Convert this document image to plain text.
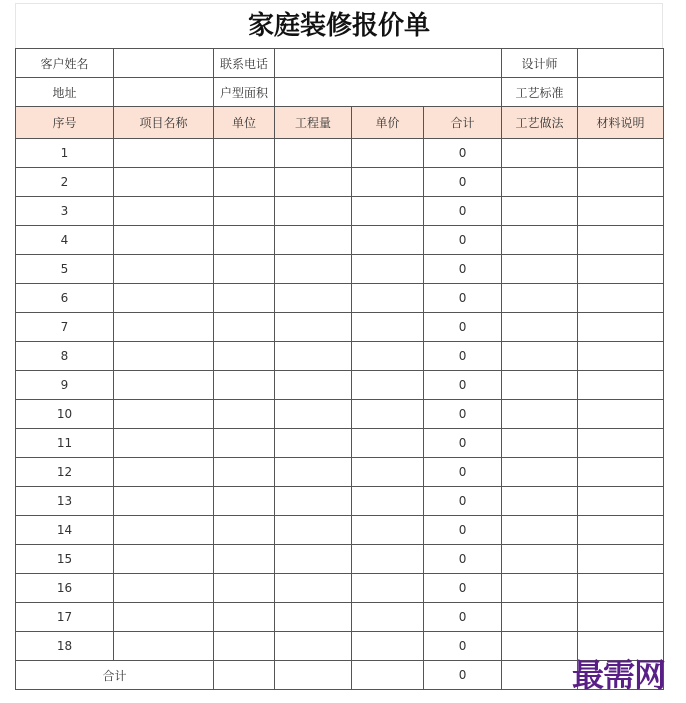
家庭装修报价单
客户姓名		联系电话				设计师	
地址		户型面积				工艺标准	
序号	项目名称	单位	工程量	单价	合计	工艺做法	材料说明
1					0		
2					0		
3					0		
4					0		
5					0		
6					0		
7					0		
8					0		
9					0		
10					0		
11					0		
12					0		
13					0		
14					0		
15					0		
16					0		
17					0		
18					0		
合计					0			最需网
